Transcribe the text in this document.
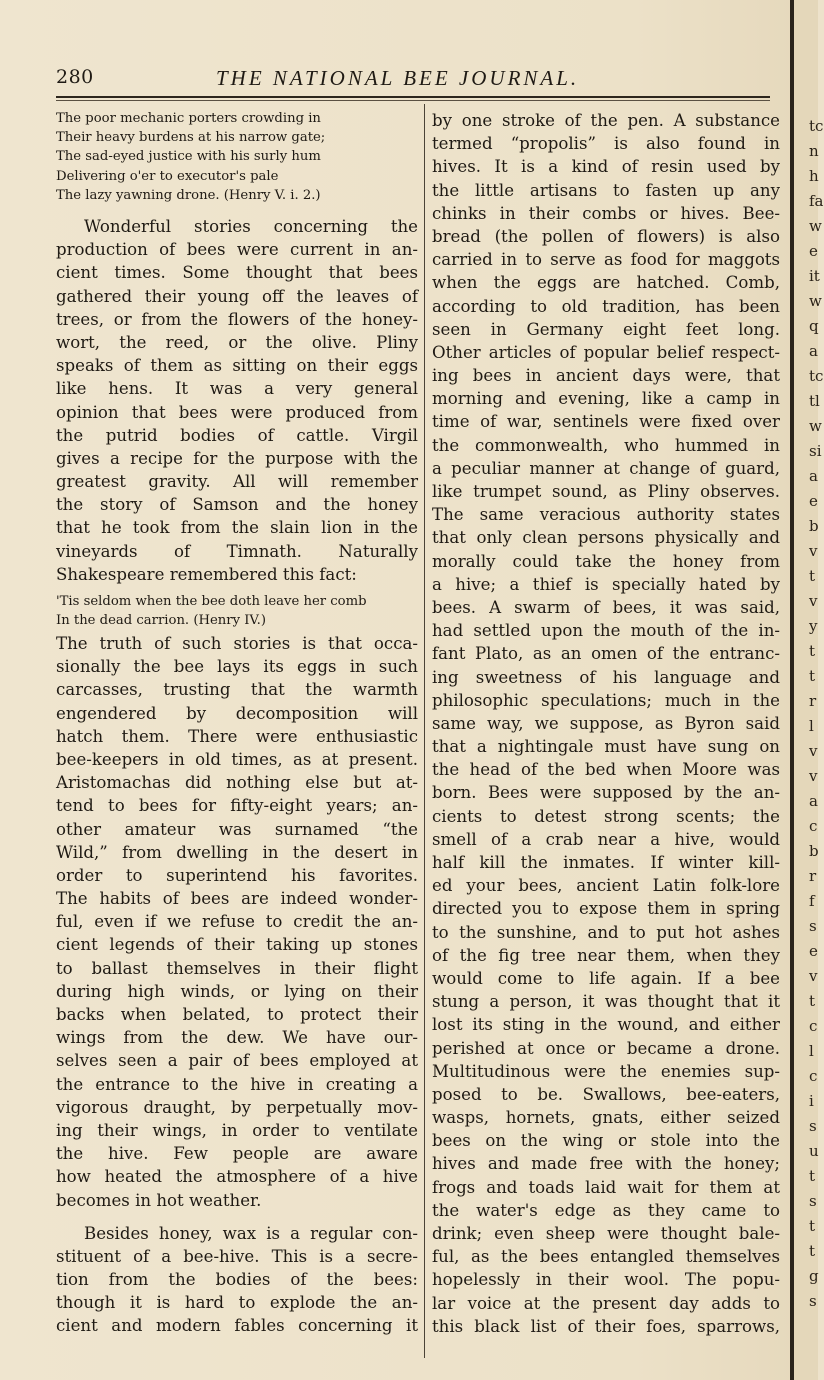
280	THE NATIONAL BEE JOURNAL.
The poor mechanic porters crowding in
Their heavy burdens at his narrow gate;
The sad-eyed justice with his surly hum
Delivering o'er to executor's pale
The lazy yawning drone. (Henry V. i. 2.)
Wonderful stories concerning the
production of bees were current in an-
cient times. Some thought that bees
gathered their young off the leaves of
trees, or from the flowers of the honey-
wort, the reed, or the olive. Pliny
speaks of them as sitting on their eggs
like hens. It was a very general
opinion that bees were produced from
the putrid bodies of cattle. Virgil
gives a recipe for the purpose with the
greatest gravity. All will remember
the story of Samson and the honey
that he took from the slain lion in the
vineyards of Timnath. Naturally
Shakespeare remembered this fact:
'Tis seldom when the bee doth leave her comb
In the dead carrion. (Henry IV.)
The truth of such stories is that occa-
sionally the bee lays its eggs in such
carcasses, trusting that the warmth
engendered by decomposition will
hatch them. There were enthusiastic
bee-keepers in old times, as at present.
Aristomachas did nothing else but at-
tend to bees for fifty-eight years; an-
other amateur was surnamed “the
Wild,” from dwelling in the desert in
order to superintend his favorites.
The habits of bees are indeed wonder-
ful, even if we refuse to credit the an-
cient legends of their taking up stones
to ballast themselves in their flight
during high winds, or lying on their
backs when belated, to protect their
wings from the dew. We have our-
selves seen a pair of bees employed at
the entrance to the hive in creating a
vigorous draught, by perpetually mov-
ing their wings, in order to ventilate
the hive. Few people are aware
how heated the atmosphere of a hive
becomes in hot weather.
Besides honey, wax is a regular con-
stituent of a bee-hive. This is a secre-
tion from the bodies of the bees:
though it is hard to explode the an-
cient and modern fables concerning it
by one stroke of the pen. A substance
termed “propolis” is also found in
hives. It is a kind of resin used by
the little artisans to fasten up any
chinks in their combs or hives. Bee-
bread (the pollen of flowers) is also
carried in to serve as food for maggots
when the eggs are hatched. Comb,
according to old tradition, has been
seen in Germany eight feet long.
Other articles of popular belief respect-
ing bees in ancient days were, that
morning and evening, like a camp in
time of war, sentinels were fixed over
the commonwealth, who hummed in
a peculiar manner at change of guard,
like trumpet sound, as Pliny observes.
The same veracious authority states
that only clean persons physically and
morally could take the honey from
a hive; a thief is specially hated by
bees. A swarm of bees, it was said,
had settled upon the mouth of the in-
fant Plato, as an omen of the entranc-
ing sweetness of his language and
philosophic speculations; much in the
same way, we suppose, as Byron said
that a nightingale must have sung on
the head of the bed when Moore was
born. Bees were supposed by the an-
cients to detest strong scents; the
smell of a crab near a hive, would
half kill the inmates. If winter kill-
ed your bees, ancient Latin folk-lore
directed you to expose them in spring
to the sunshine, and to put hot ashes
of the fig tree near them, when they
would come to life again. If a bee
stung a person, it was thought that it
lost its sting in the wound, and either
perished at once or became a drone.
Multitudinous were the enemies sup-
posed to be. Swallows, bee-eaters,
wasps, hornets, gnats, either seized
bees on the wing or stole into the
hives and made free with the honey;
frogs and toads laid wait for them at
the water's edge as they came to
drink; even sheep were thought bale-
ful, as the bees entangled themselves
hopelessly in their wool. The popu-
lar voice at the present day adds to
this black list of their foes, sparrows,
tc
n
h
fa
w
e
it
w
q
a
tc
tl
w
si
a
e
b
v
t
v
y
t
t
r
l
v
v
a
c
b
r
f
s
e
v
t
c
l
c
i
s
u
t
s
t
t
g
s
